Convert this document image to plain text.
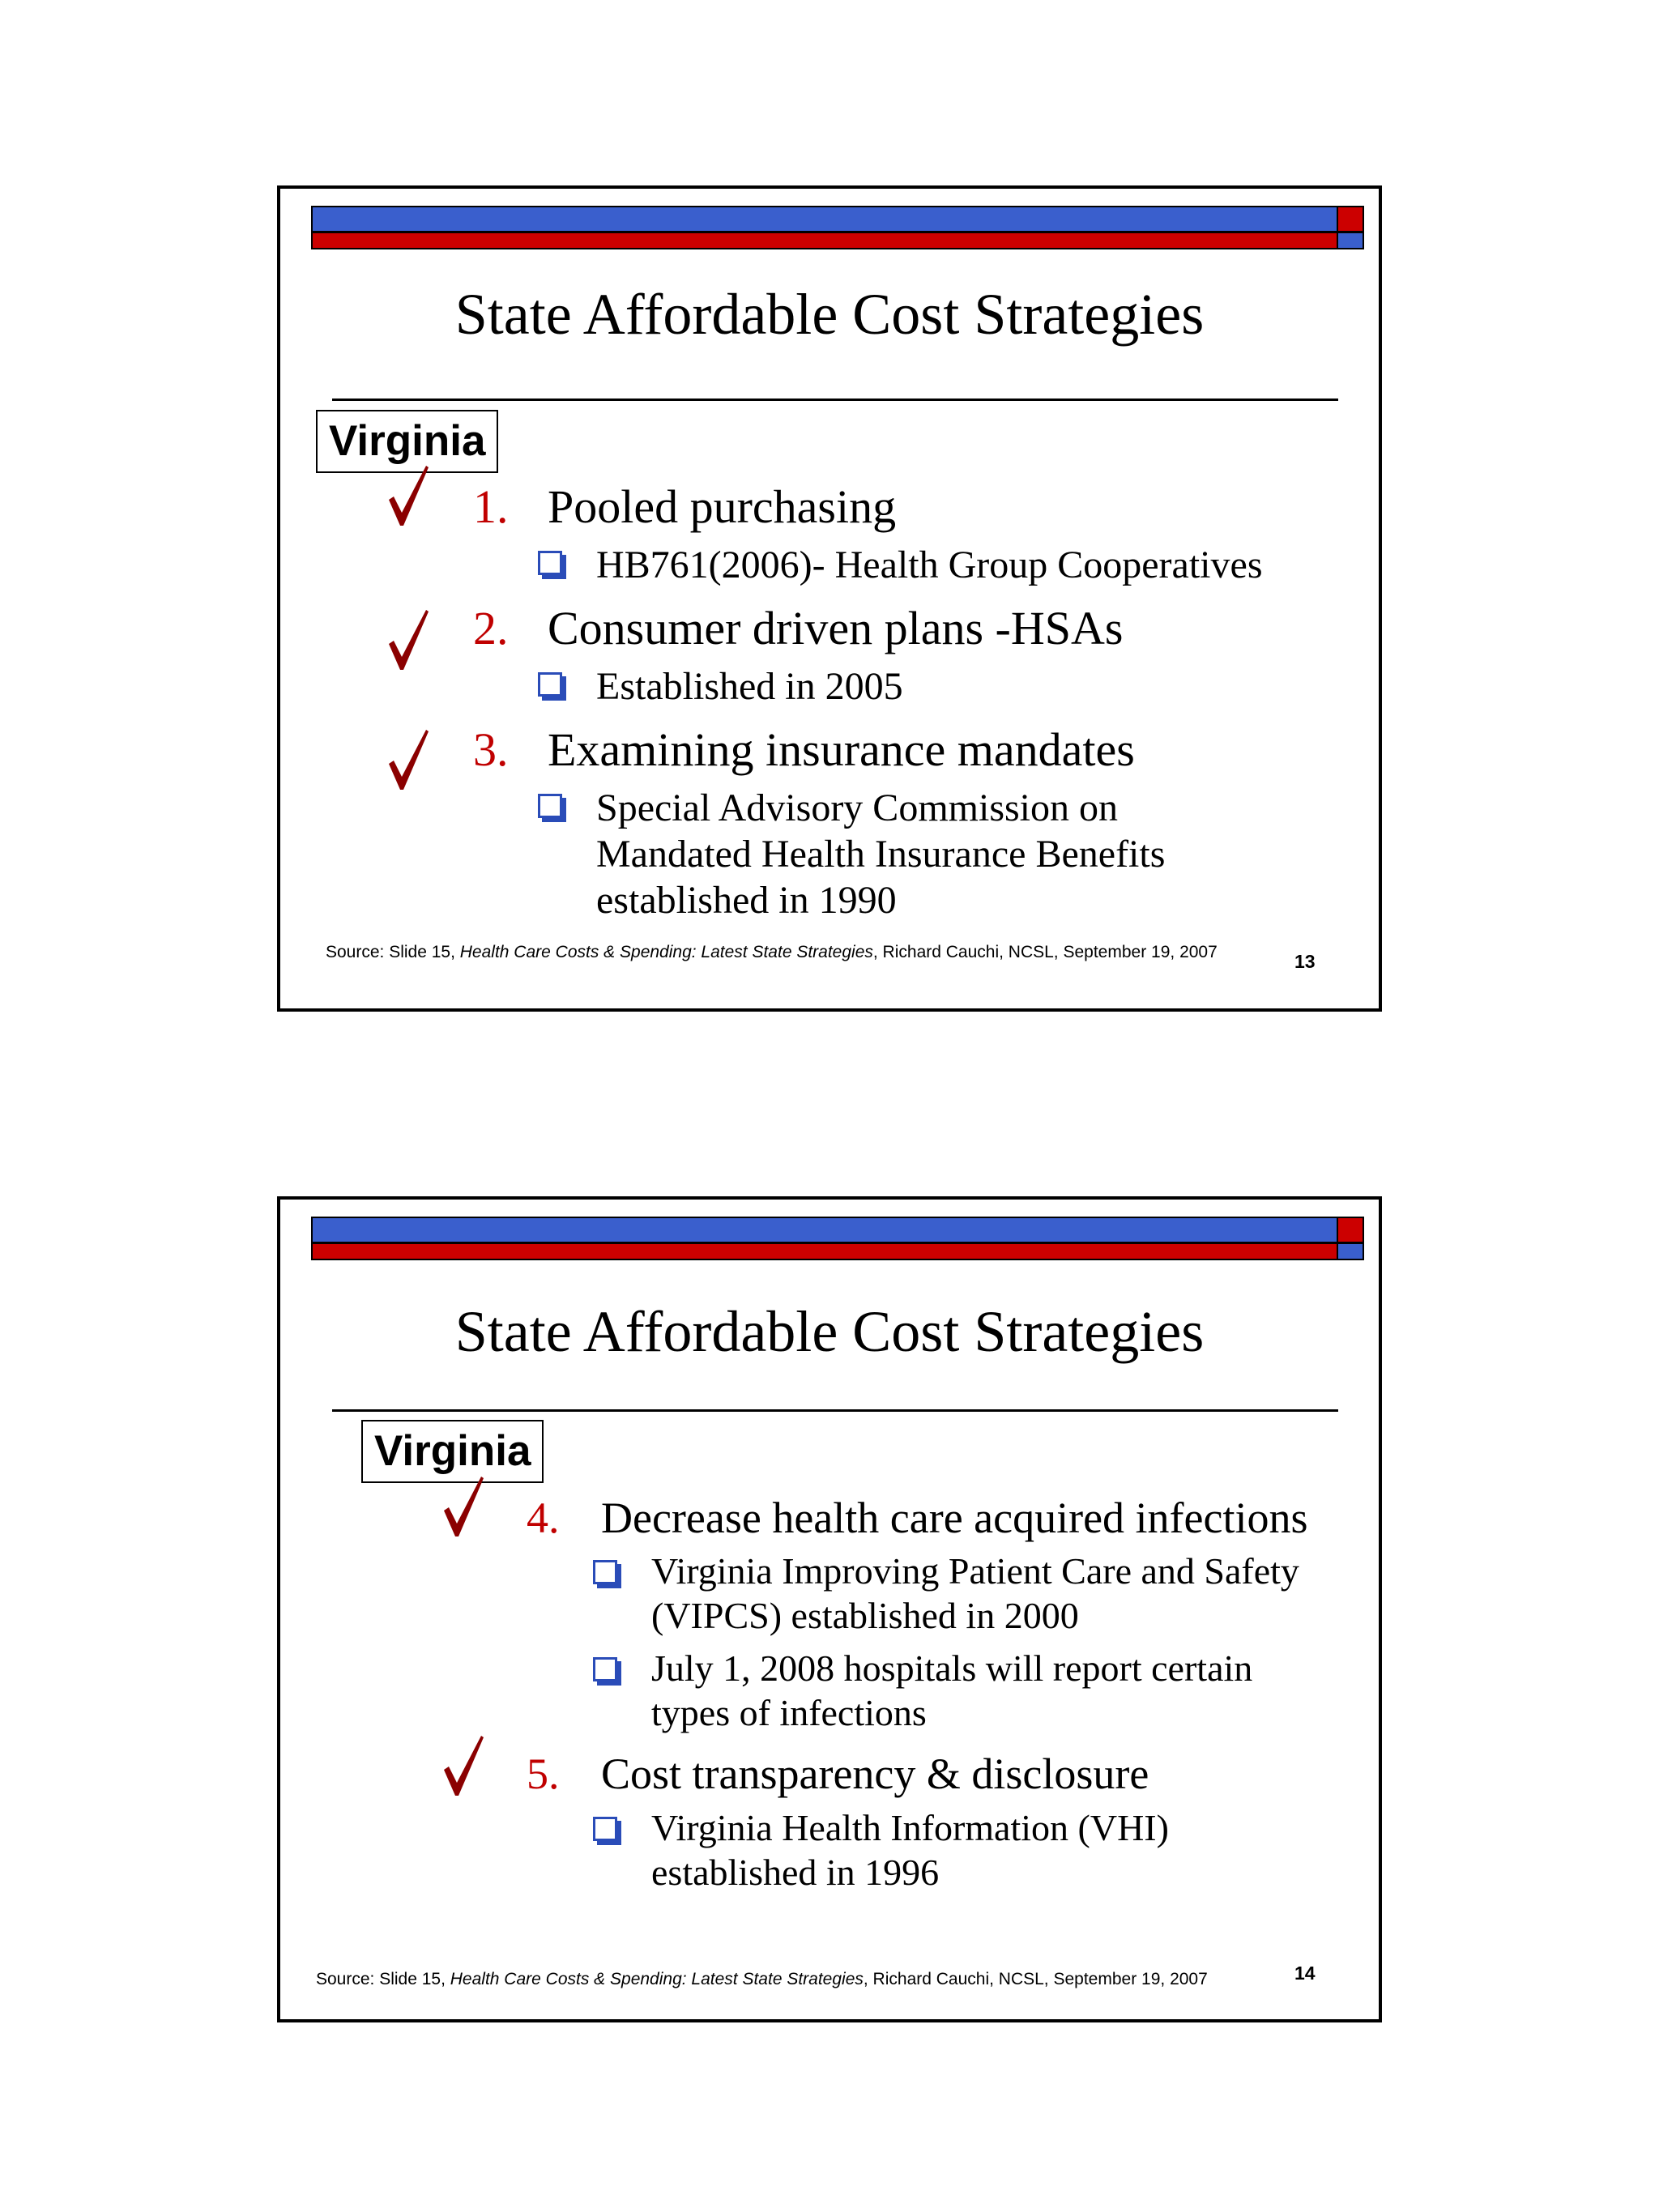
State Affordable Cost Strategies
Virginia
1. Pooled purchasing
HB761(2006)- Health Group Cooperatives
2. Consumer driven plans -HSAs
Established in 2005
3. Examining insurance mandates
Special Advisory Commission on
Mandated Health Insurance Benefits
established in 1990
Source: Slide 15, Health Care Costs & Spending: Latest State Strategies, Richard Cauchi, NCSL, September 19, 2007	13
State Affordable Cost Strategies
Virginia
4. Decrease health care acquired infections
Virginia Improving Patient Care and Safety
(VIPCS) established in 2000
July 1, 2008 hospitals will report certain
types of infections
5. Cost transparency & disclosure
Virginia Health Information (VHI)
established in 1996
Source: Slide 15, Health Care Costs & Spending: Latest State Strategies, Richard Cauchi, NCSL, September 19, 2007	14
